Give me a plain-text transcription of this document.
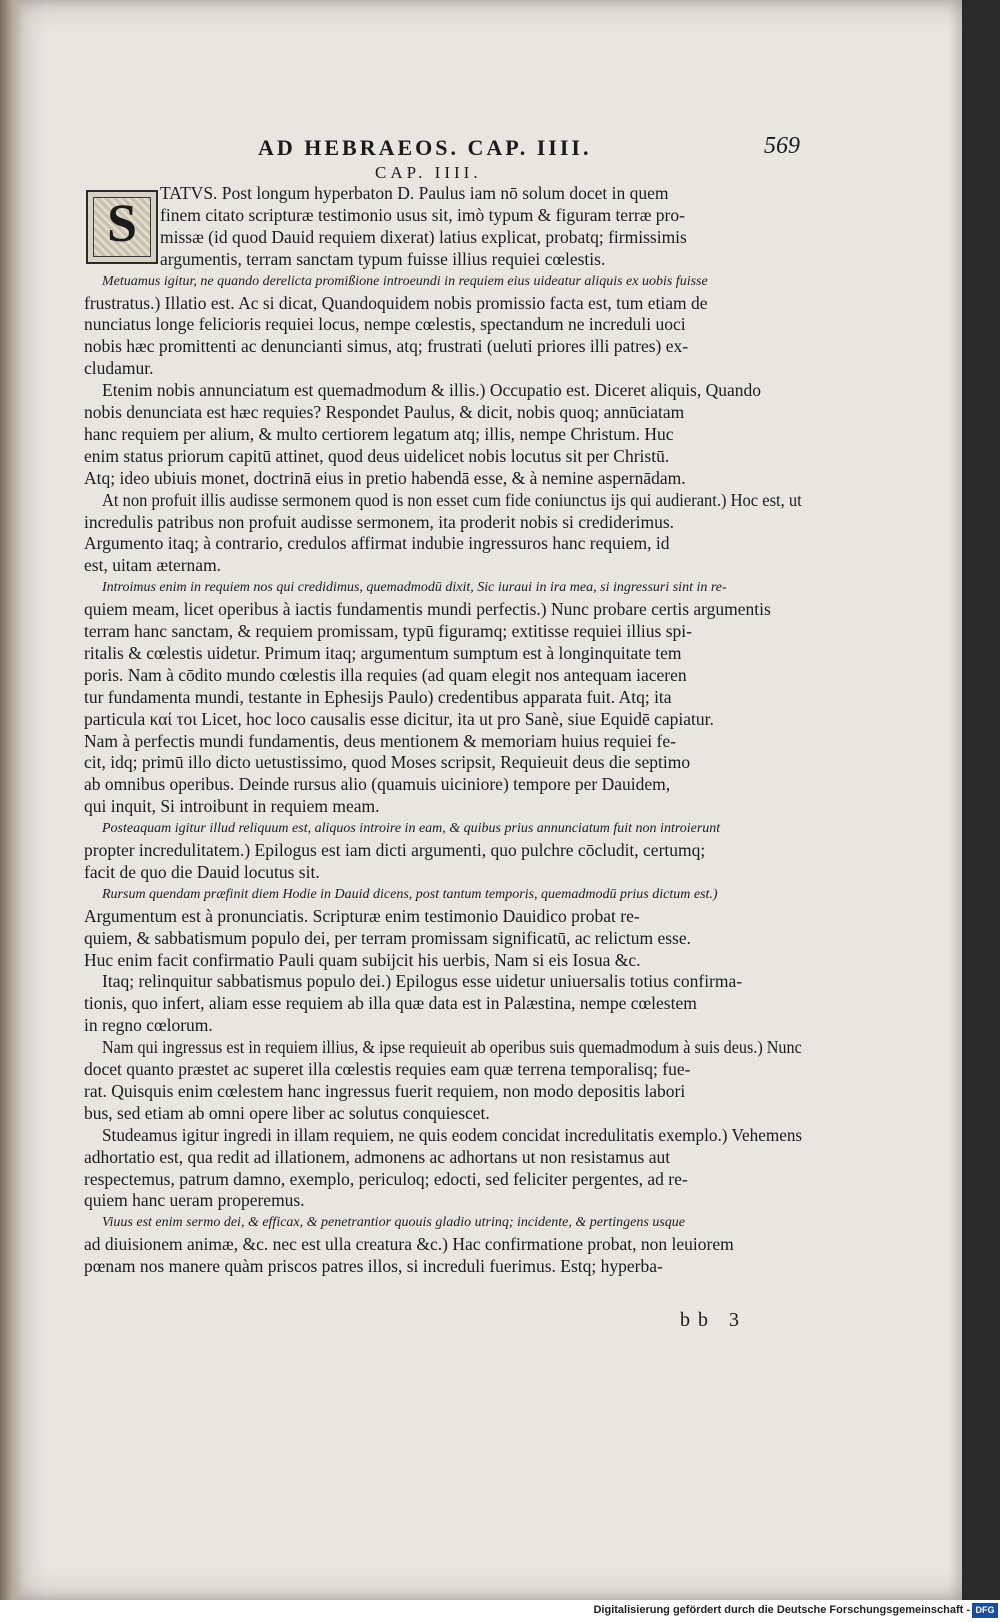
AD HEBRAEOS. CAP. IIII.	569
CAP. IIII.
S	TATVS. Post longum hyperbaton D. Paulus iam nō solum docet in quem
finem citato scripturæ testimonio usus sit, imò typum & figuram terræ pro-
missæ (id quod Dauid requiem dixerat) latius explicat, probatq; firmissimis
argumentis, terram sanctam typum fuisse illius requiei cœlestis.
Metuamus igitur, ne quando derelicta promißione introeundi in requiem eius uideatur aliquis ex uobis fuisse
frustratus.) Illatio est. Ac si dicat, Quandoquidem nobis promissio facta est, tum etiam de
nunciatus longe felicioris requiei locus, nempe cœlestis, spectandum ne increduli uoci
nobis hæc promittenti ac denuncianti simus, atq; frustrati (ueluti priores illi patres) ex-
cludamur.
Etenim nobis annunciatum est quemadmodum & illis.) Occupatio est. Diceret aliquis, Quando
nobis denunciata est hæc requies? Respondet Paulus, & dicit, nobis quoq; annūciatam
hanc requiem per alium, & multo certiorem legatum atq; illis, nempe Christum. Huc
enim status priorum capitū attinet, quod deus uidelicet nobis locutus sit per Christū.
Atq; ideo ubiuis monet, doctrinā eius in pretio habendā esse, & à nemine aspernādam.
At non profuit illis audisse sermonem quod is non esset cum fide coniunctus ijs qui audierant.) Hoc est, ut
incredulis patribus non profuit audisse sermonem, ita proderit nobis si crediderimus.
Argumento itaq; à contrario, credulos affirmat indubie ingressuros hanc requiem, id
est, uitam æternam.
Introimus enim in requiem nos qui credidimus, quemadmodū dixit, Sic iuraui in ira mea, si ingressuri sint in re-
quiem meam, licet operibus à iactis fundamentis mundi perfectis.) Nunc probare certis argumentis
terram hanc sanctam, & requiem promissam, typū figuramq; extitisse requiei illius spi-
ritalis & cœlestis uidetur. Primum itaq; argumentum sumptum est à longinquitate tem
poris. Nam à cōdito mundo cœlestis illa requies (ad quam elegit nos antequam iaceren
tur fundamenta mundi, testante in Ephesijs Paulo) credentibus apparata fuit. Atq; ita
particula καί τοι Licet, hoc loco causalis esse dicitur, ita ut pro Sanè, siue Equidē capiatur.
Nam à perfectis mundi fundamentis, deus mentionem & memoriam huius requiei fe-
cit, idq; primū illo dicto uetustissimo, quod Moses scripsit, Requieuit deus die septimo
ab omnibus operibus. Deinde rursus alio (quamuis uiciniore) tempore per Dauidem,
qui inquit, Si introibunt in requiem meam.
Posteaquam igitur illud reliquum est, aliquos introire in eam, & quibus prius annunciatum fuit non introierunt
propter incredulitatem.) Epilogus est iam dicti argumenti, quo pulchre cōcludit, certumq;
facit de quo die Dauid locutus sit.
Rursum quendam præfinit diem Hodie in Dauid dicens, post tantum temporis, quemadmodū prius dictum est.)
Argumentum est à pronunciatis. Scripturæ enim testimonio Dauidico probat re-
quiem, & sabbatismum populo dei, per terram promissam significatū, ac relictum esse.
Huc enim facit confirmatio Pauli quam subijcit his uerbis, Nam si eis Iosua &c.
Itaq; relinquitur sabbatismus populo dei.) Epilogus esse uidetur uniuersalis totius confirma-
tionis, quo infert, aliam esse requiem ab illa quæ data est in Palæstina, nempe cœlestem
in regno cœlorum.
Nam qui ingressus est in requiem illius, & ipse requieuit ab operibus suis quemadmodum à suis deus.) Nunc
docet quanto præstet ac superet illa cœlestis requies eam quæ terrena temporalisq; fue-
rat. Quisquis enim cœlestem hanc ingressus fuerit requiem, non modo depositis labori
bus, sed etiam ab omni opere liber ac solutus conquiescet.
Studeamus igitur ingredi in illam requiem, ne quis eodem concidat incredulitatis exemplo.) Vehemens
adhortatio est, qua redit ad illationem, admonens ac adhortans ut non resistamus aut
respectemus, patrum damno, exemplo, periculoq; edocti, sed feliciter pergentes, ad re-
quiem hanc ueram properemus.
Viuus est enim sermo dei, & efficax, & penetrantior quouis gladio utrinq; incidente, & pertingens usque
ad diuisionem animæ, &c. nec est ulla creatura &c.) Hac confirmatione probat, non leuiorem
pœnam nos manere quàm priscos patres illos, si increduli fuerimus. Estq; hyperba-
bb 3
Digitalisierung gefördert durch die Deutsche Forschungsgemeinschaft - DFG
